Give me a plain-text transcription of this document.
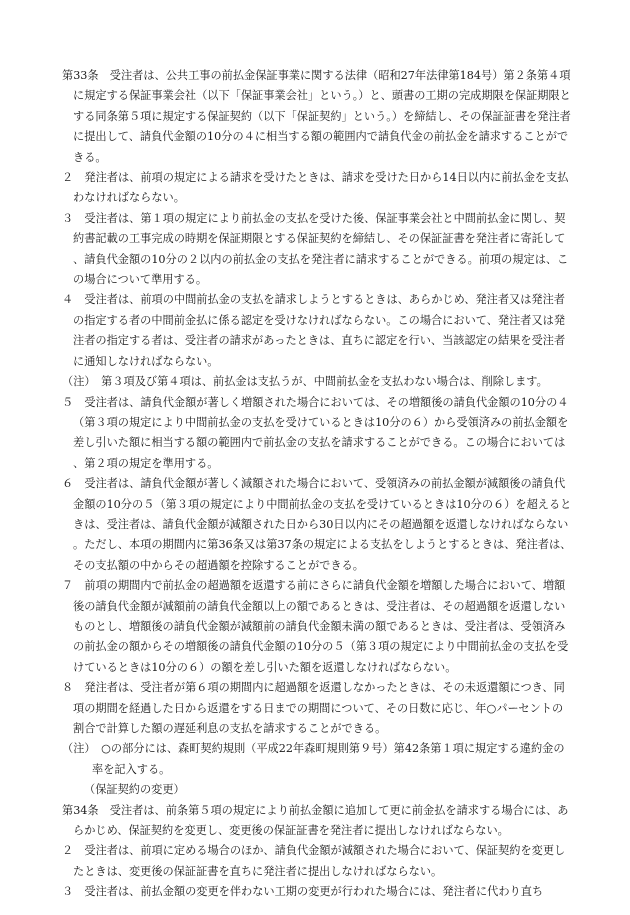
第33条　受注者は、公共工事の前払金保証事業に関する法律（昭和27年法律第184号）第２条第４項に規定する保証事業会社（以下「保証事業会社」という。）と、頭書の工期の完成期限を保証期限とする同条第５項に規定する保証契約（以下「保証契約」という。）を締結し、その保証証書を発注者に提出して、請負代金額の10分の４に相当する額の範囲内で請負代金の前払金を請求することができる。

２　発注者は、前項の規定による請求を受けたときは、請求を受けた日から14日以内に前払金を支払わなければならない。

３　受注者は、第１項の規定により前払金の支払を受けた後、保証事業会社と中間前払金に関し、契約書記載の工事完成の時期を保証期限とする保証契約を締結し、その保証証書を発注者に寄託して、請負代金額の10分の２以内の前払金の支払を発注者に請求することができる。前項の規定は、この場合について準用する。

４　受注者は、前項の中間前払金の支払を請求しようとするときは、あらかじめ、発注者又は発注者の指定する者の中間前金払に係る認定を受けなければならない。この場合において、発注者又は発注者の指定する者は、受注者の請求があったときは、直ちに認定を行い、当該認定の結果を受注者に通知しなければならない。

（注）　第３項及び第４項は、前払金は支払うが、中間前払金を支払わない場合は、削除します。

５　受注者は、請負代金額が著しく増額された場合においては、その増額後の請負代金額の10分の４（第３項の規定により中間前払金の支払を受けているときは10分の６）から受領済みの前払金額を差し引いた額に相当する額の範囲内で前払金の支払を請求することができる。この場合においては、第２項の規定を準用する。

６　受注者は、請負代金額が著しく減額された場合において、受領済みの前払金額が減額後の請負代金額の10分の５（第３項の規定により中間前払金の支払を受けているときは10分の６）を超えるときは、受注者は、請負代金額が減額された日から30日以内にその超過額を返還しなければならない。ただし、本項の期間内に第36条又は第37条の規定による支払をしようとするときは、発注者は、その支払額の中からその超過額を控除することができる。

７　前項の期間内で前払金の超過額を返還する前にさらに請負代金額を増額した場合において、増額後の請負代金額が減額前の請負代金額以上の額であるときは、受注者は、その超過額を返還しないものとし、増額後の請負代金額が減額前の請負代金額未満の額であるときは、受注者は、受領済みの前払金の額からその増額後の請負代金額の10分の５（第３項の規定により中間前払金の支払を受けているときは10分の６）の額を差し引いた額を返還しなければならない。

８　発注者は、受注者が第６項の期間内に超過額を返還しなかったときは、その未返還額につき、同項の期間を経過した日から返還をする日までの期間について、その日数に応じ、年○パーセントの割合で計算した額の遅延利息の支払を請求することができる。

（注）　○の部分には、森町契約規則（平成22年森町規則第９号）第42条第１項に規定する違約金の率を記入する。

（保証契約の変更）

第34条　受注者は、前条第５項の規定により前払金額に追加して更に前金払を請求する場合には、あらかじめ、保証契約を変更し、変更後の保証証書を発注者に提出しなければならない。

２　受注者は、前項に定める場合のほか、請負代金額が減額された場合において、保証契約を変更したときは、変更後の保証証書を直ちに発注者に提出しなければならない。

３　受注者は、前払金額の変更を伴わない工期の変更が行われた場合には、発注者に代わり直ち
